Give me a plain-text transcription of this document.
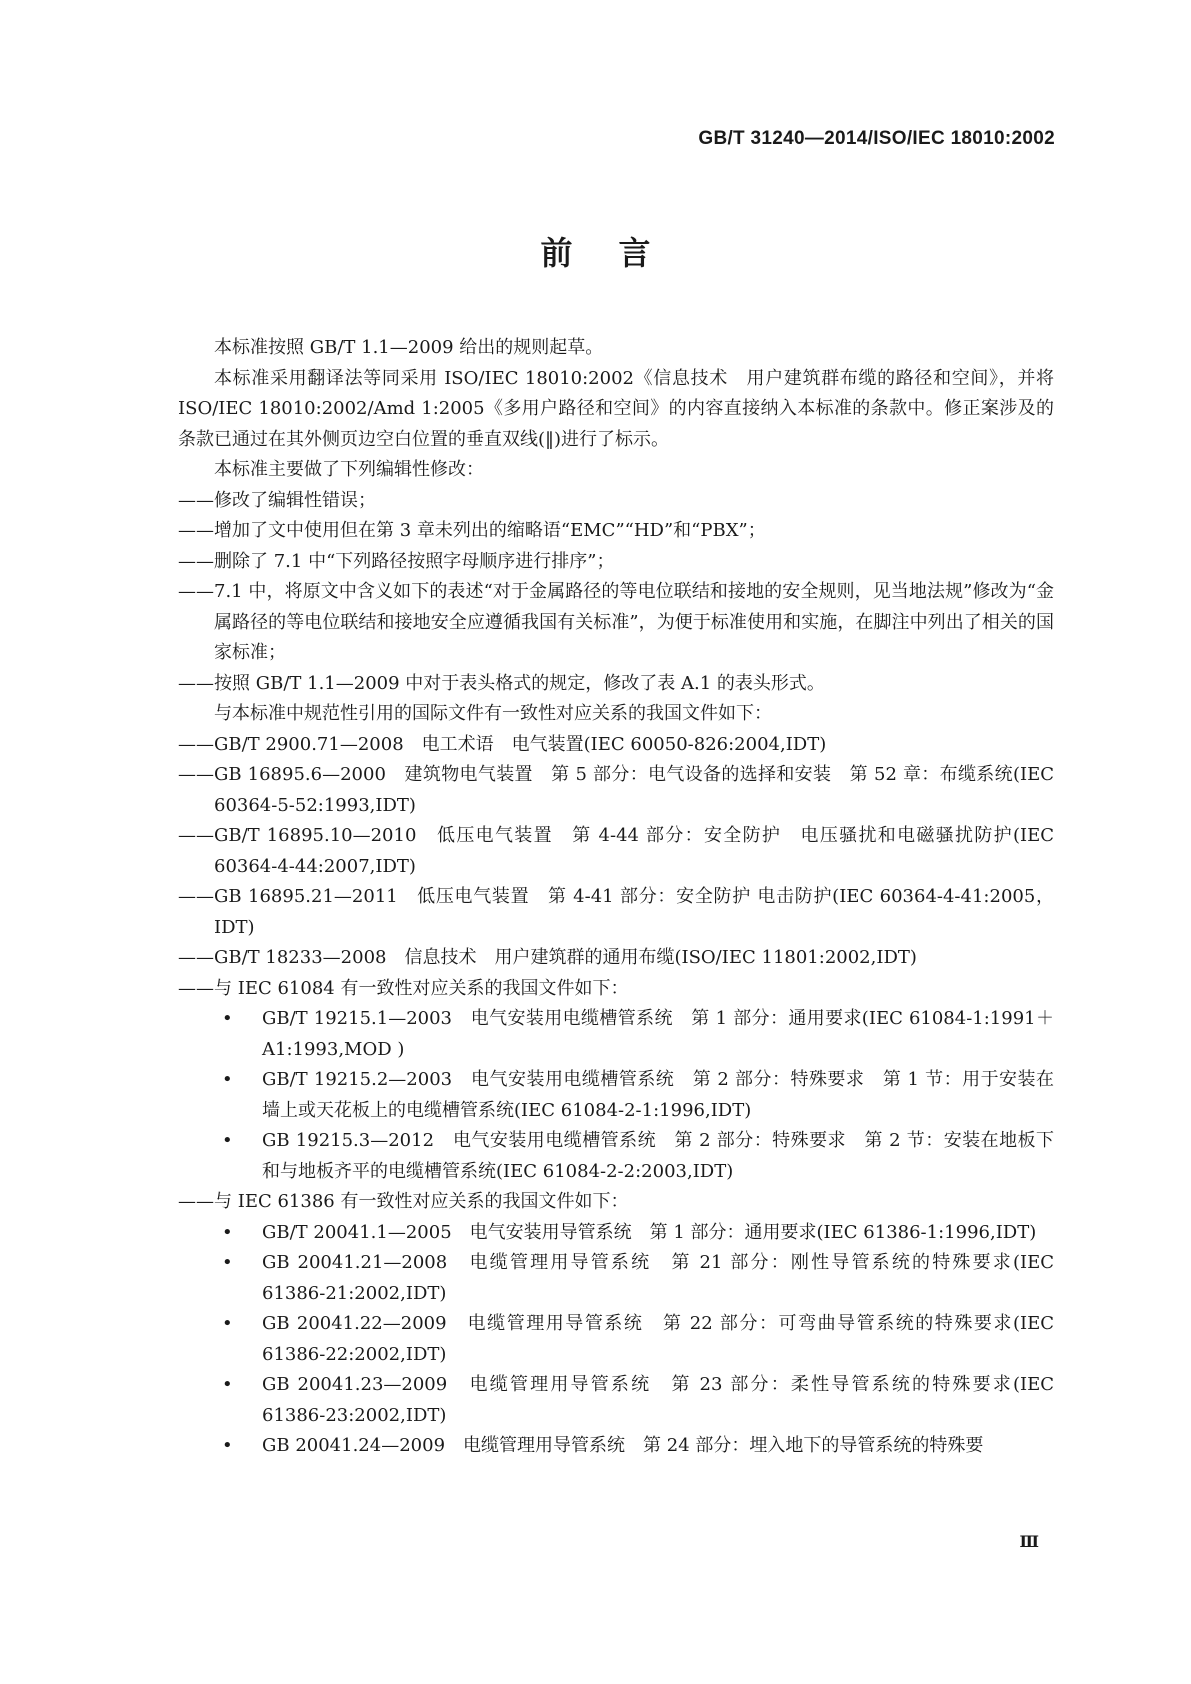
GB/T 31240—2014/ISO/IEC 18010:2002
前言

本标准按照 GB/T 1.1—2009 给出的规则起草。

本标准采用翻译法等同采用 ISO/IEC 18010:2002《信息技术　用户建筑群布缆的路径和空间》，并将 ISO/IEC 18010:2002/Amd 1:2005《多用户路径和空间》的内容直接纳入本标准的条款中。修正案涉及的条款已通过在其外侧页边空白位置的垂直双线(‖)进行了标示。

本标准主要做了下列编辑性修改：

——修改了编辑性错误；

——增加了文中使用但在第 3 章未列出的缩略语“EMC”“HD”和“PBX”；

——删除了 7.1 中“下列路径按照字母顺序进行排序”；

——7.1 中，将原文中含义如下的表述“对于金属路径的等电位联结和接地的安全规则，见当地法规”修改为“金属路径的等电位联结和接地安全应遵循我国有关标准”，为便于标准使用和实施，在脚注中列出了相关的国家标准；

——按照 GB/T 1.1—2009 中对于表头格式的规定，修改了表 A.1 的表头形式。

与本标准中规范性引用的国际文件有一致性对应关系的我国文件如下：

——GB/T 2900.71—2008　电工术语　电气装置(IEC 60050-826:2004,IDT)

——GB 16895.6—2000　建筑物电气装置　第 5 部分：电气设备的选择和安装　第 52 章：布缆系统(IEC 60364-5-52:1993,IDT)

——GB/T 16895.10—2010　低压电气装置　第 4-44 部分：安全防护　电压骚扰和电磁骚扰防护(IEC 60364-4-44:2007,IDT)

——GB 16895.21—2011　低压电气装置　第 4-41 部分：安全防护 电击防护(IEC 60364-4-41:2005，IDT)

——GB/T 18233—2008　信息技术　用户建筑群的通用布缆(ISO/IEC 11801:2002,IDT)

——与 IEC 61084 有一致性对应关系的我国文件如下：

• GB/T 19215.1—2003　电气安装用电缆槽管系统　第 1 部分：通用要求(IEC 61084-1:1991＋A1:1993,MOD )
• GB/T 19215.2—2003　电气安装用电缆槽管系统　第 2 部分：特殊要求　第 1 节：用于安装在墙上或天花板上的电缆槽管系统(IEC 61084-2-1:1996,IDT)
• GB 19215.3—2012　电气安装用电缆槽管系统　第 2 部分：特殊要求　第 2 节：安装在地板下和与地板齐平的电缆槽管系统(IEC 61084-2-2:2003,IDT)

——与 IEC 61386 有一致性对应关系的我国文件如下：

• GB/T 20041.1—2005　电气安装用导管系统　第 1 部分：通用要求(IEC 61386-1:1996,IDT)
• GB 20041.21—2008　电缆管理用导管系统　第 21 部分：刚性导管系统的特殊要求(IEC 61386-21:2002,IDT)
• GB 20041.22—2009　电缆管理用导管系统　第 22 部分：可弯曲导管系统的特殊要求(IEC 61386-22:2002,IDT)
• GB 20041.23—2009　电缆管理用导管系统　第 23 部分：柔性导管系统的特殊要求(IEC 61386-23:2002,IDT)
• GB 20041.24—2009　电缆管理用导管系统　第 24 部分：埋入地下的导管系统的特殊要
Ⅲ
